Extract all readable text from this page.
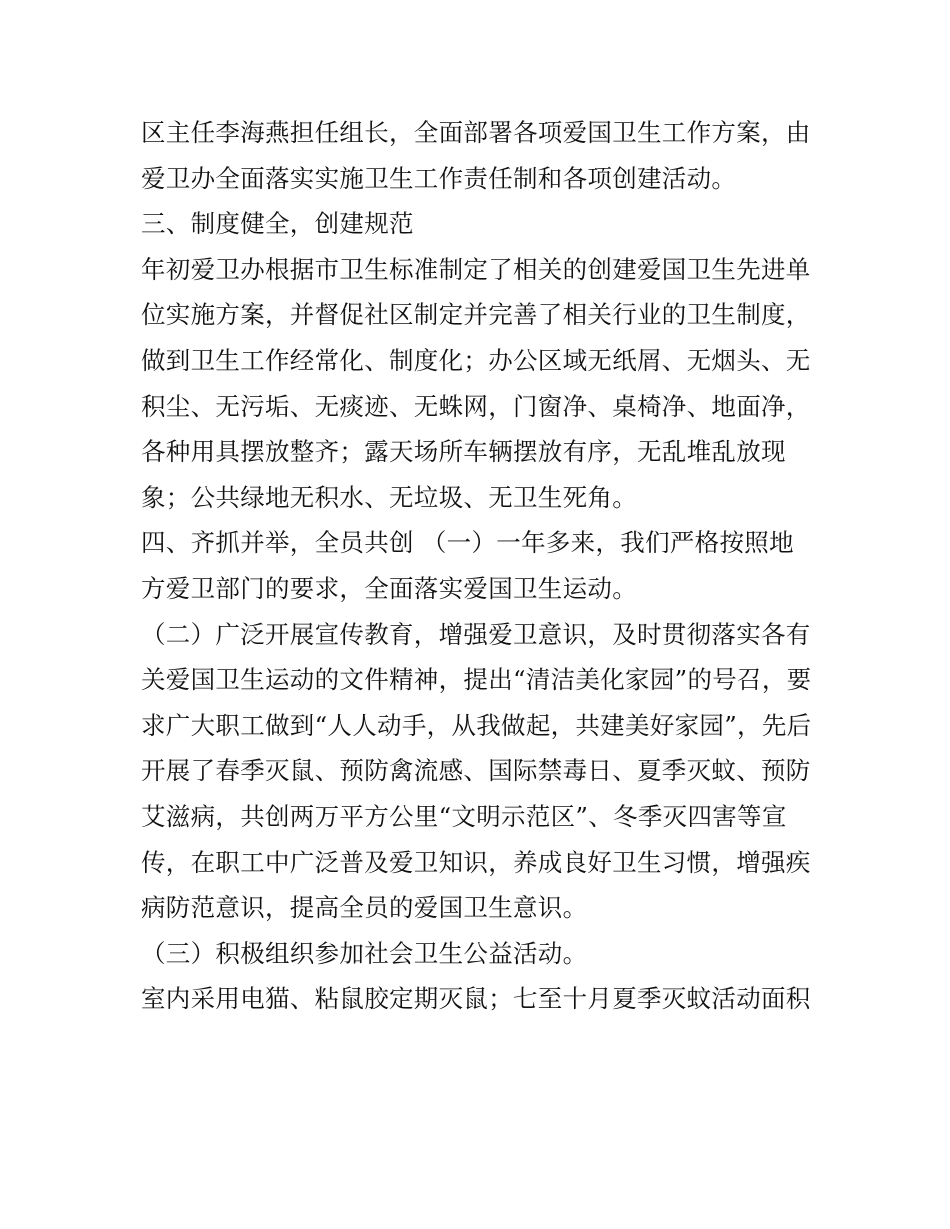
区主任李海燕担任组长，全面部署各项爱国卫生工作方案，由
爱卫办全面落实实施卫生工作责任制和各项创建活动。
三、制度健全，创建规范
年初爱卫办根据市卫生标准制定了相关的创建爱国卫生先进单
位实施方案，并督促社区制定并完善了相关行业的卫生制度，
做到卫生工作经常化、制度化；办公区域无纸屑、无烟头、无
积尘、无污垢、无痰迹、无蛛网，门窗净、桌椅净、地面净，
各种用具摆放整齐；露天场所车辆摆放有序，无乱堆乱放现
象；公共绿地无积水、无垃圾、无卫生死角。
四、齐抓并举，全员共创 （一）一年多来，我们严格按照地
方爱卫部门的要求，全面落实爱国卫生运动。
（二）广泛开展宣传教育，增强爱卫意识，及时贯彻落实各有
关爱国卫生运动的文件精神，提出“清洁美化家园”的号召，要
求广大职工做到“人人动手，从我做起，共建美好家园”，先后
开展了春季灭鼠、预防禽流感、国际禁毒日、夏季灭蚊、预防
艾滋病，共创两万平方公里“文明示范区”、冬季灭四害等宣
传，在职工中广泛普及爱卫知识，养成良好卫生习惯，增强疾
病防范意识，提高全员的爱国卫生意识。
（三）积极组织参加社会卫生公益活动。
室内采用电猫、粘鼠胶定期灭鼠；七至十月夏季灭蚊活动面积
